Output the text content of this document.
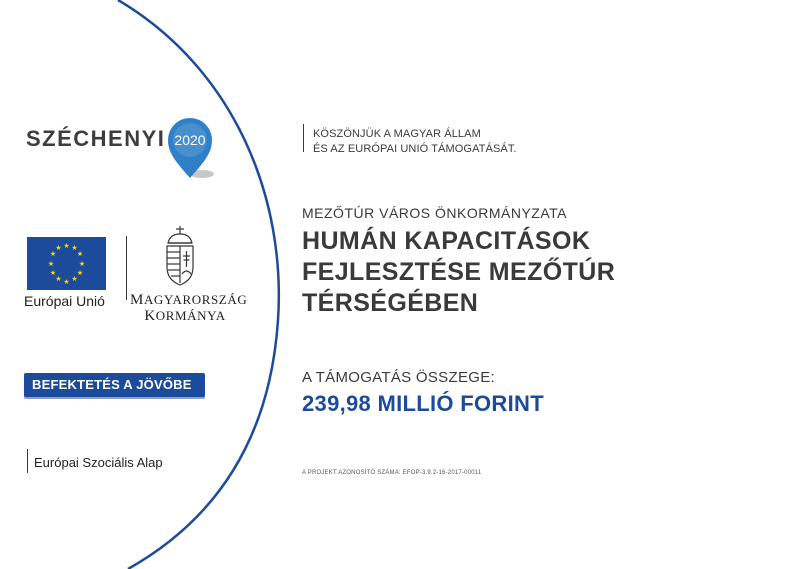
SZÉCHENYI 2020
★ ★
★
★
★
★
★
★
★
★
★
★
Európai Unió MAGYARORSZÁG
KORMÁNYA
BEFEKTETÉS A JÖVŐBE
Európai Szociális Alap
KÖSZÖNJÜK A MAGYAR ÁLLAM
ÉS AZ EURÓPAI UNIÓ TÁMOGATÁSÁT.
MEZŐTÚR VÁROS ÖNKORMÁNYZATA
HUMÁN KAPACITÁSOK
FEJLESZTÉSE MEZŐTÚR
TÉRSÉGÉBEN
A TÁMOGATÁS ÖSSZEGE:
239,98 MILLIÓ FORINT
A PROJEKT AZONOSÍTÓ SZÁMA: EFOP-3.9.2-16-2017-00011
